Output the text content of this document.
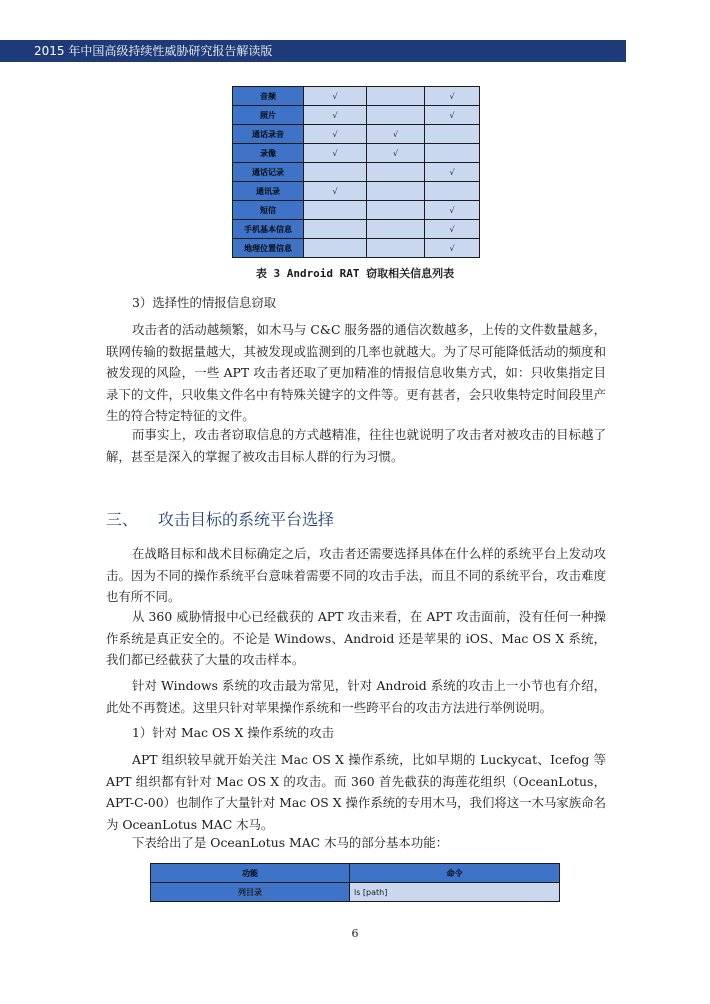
2015 年中国高级持续性威胁研究报告解读版
音频	√		√
照片	√		√
通话录音	√	√	
录像	√	√	
通话记录			√
通讯录	√		
短信			√
手机基本信息			√
地理位置信息			√
表 3 Android RAT 窃取相关信息列表

3）选择性的情报信息窃取

攻击者的活动越频繁，如木马与 C&C 服务器的通信次数越多，上传的文件数量越多，联网传输的数据量越大，其被发现或监测到的几率也就越大。为了尽可能降低活动的频度和被发现的风险，一些 APT 攻击者还取了更加精准的情报信息收集方式，如：只收集指定目录下的文件，只收集文件名中有特殊关键字的文件等。更有甚者，会只收集特定时间段里产生的符合特定特征的文件。

而事实上，攻击者窃取信息的方式越精准，往往也就说明了攻击者对被攻击的目标越了解，甚至是深入的掌握了被攻击目标人群的行为习惯。

三、 攻击目标的系统平台选择

在战略目标和战术目标确定之后，攻击者还需要选择具体在什么样的系统平台上发动攻击。因为不同的操作系统平台意味着需要不同的攻击手法，而且不同的系统平台，攻击难度也有所不同。

从 360 威胁情报中心已经截获的 APT 攻击来看，在 APT 攻击面前，没有任何一种操作系统是真正安全的。不论是 Windows、Android 还是苹果的 iOS、Mac OS X 系统，我们都已经截获了大量的攻击样本。

针对 Windows 系统的攻击最为常见，针对 Android 系统的攻击上一小节也有介绍，此处不再赘述。这里只针对苹果操作系统和一些跨平台的攻击方法进行举例说明。

1）针对 Mac OS X 操作系统的攻击

APT 组织较早就开始关注 Mac OS X 操作系统，比如早期的 Luckycat、Icefog 等 APT 组织都有针对 Mac OS X 的攻击。而 360 首先截获的海莲花组织（OceanLotus，APT-C-00）也制作了大量针对 Mac OS X 操作系统的专用木马，我们将这一木马家族命名为 OceanLotus MAC 木马。

下表给出了是 OceanLotus MAC 木马的部分基本功能：

功能	命令
列目录	ls [path]
6
